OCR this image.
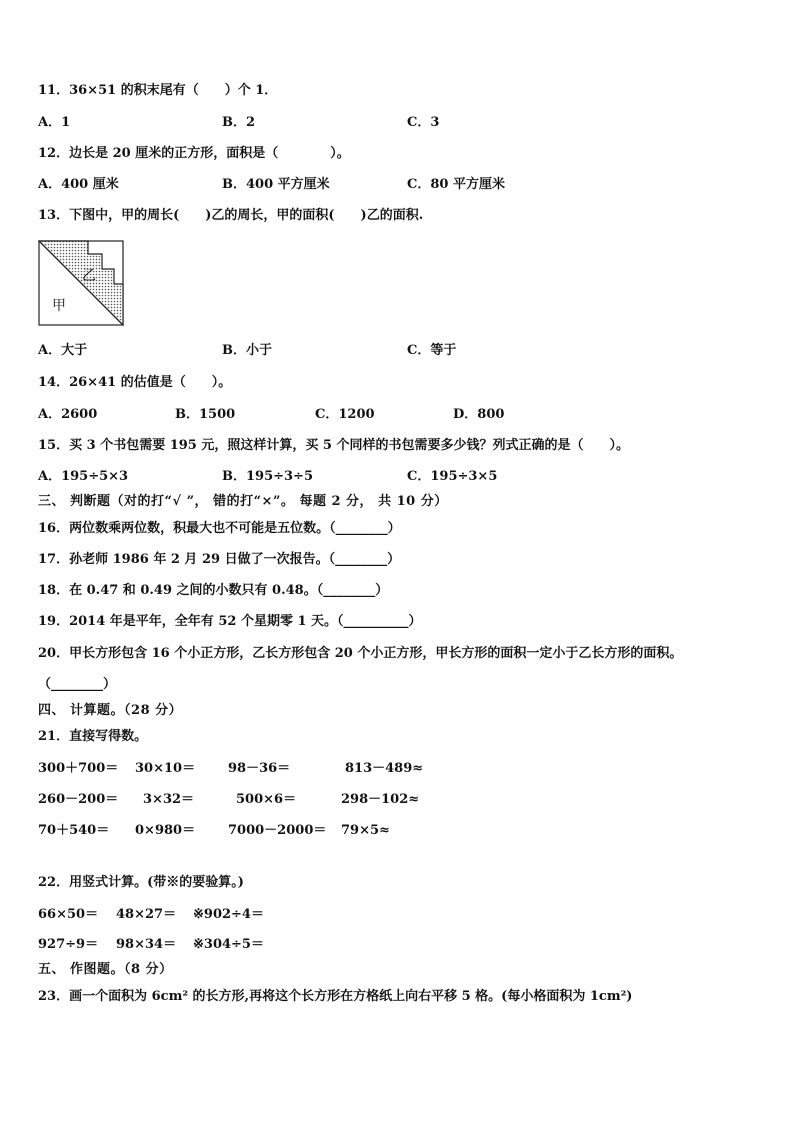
11．36×51 的积末尾有（　　）个 1．
A．1	B．2	C．3
12．边长是 20 厘米的正方形，面积是（　　　　）。
A．400 厘米	B．400 平方厘米	C．80 平方厘米
13．下图中，甲的周长(　　)乙的周长，甲的面积(　　)乙的面积.
乙
甲
A．大于	B．小于	C．等于
14．26×41 的估值是（　　）。
A．2600	B．1500	C．1200	D．800
15．买 3 个书包需要 195 元，照这样计算，买 5 个同样的书包需要多少钱？列式正确的是（　　）。
A．195÷5×3	B．195÷3÷5	C．195÷3×5
三、 判断题（对的打“√ ”， 错的打“×”。 每题 2 分， 共 10 分）
16．两位数乘两位数，积最大也不可能是五位数。（________）
17．孙老师 1986 年 2 月 29 日做了一次报告。（________）
18．在 0.47 和 0.49 之间的小数只有 0.48。（________）
19．2014 年是平年，全年有 52 个星期零 1 天。（__________）
20．甲长方形包含 16 个小正方形，乙长方形包含 20 个小正方形，甲长方形的面积一定小于乙长方形的面积。
（________）
四、 计算题。（28 分）
21．直接写得数。
300＋700＝ 30×10＝	98－36＝	813－489≈
260－200＝ 3×32＝	500×6＝	298－102≈
70＋540＝ 0×980＝	7000－2000＝ 79×5≈
22．用竖式计算。(带※的要验算。)
66×50＝ 48×27＝ ※902÷4＝
927÷9＝ 98×34＝ ※304÷5＝
五、 作图题。（8 分）
23．画一个面积为 6cm² 的长方形,再将这个长方形在方格纸上向右平移 5 格。(每小格面积为 1cm²)
